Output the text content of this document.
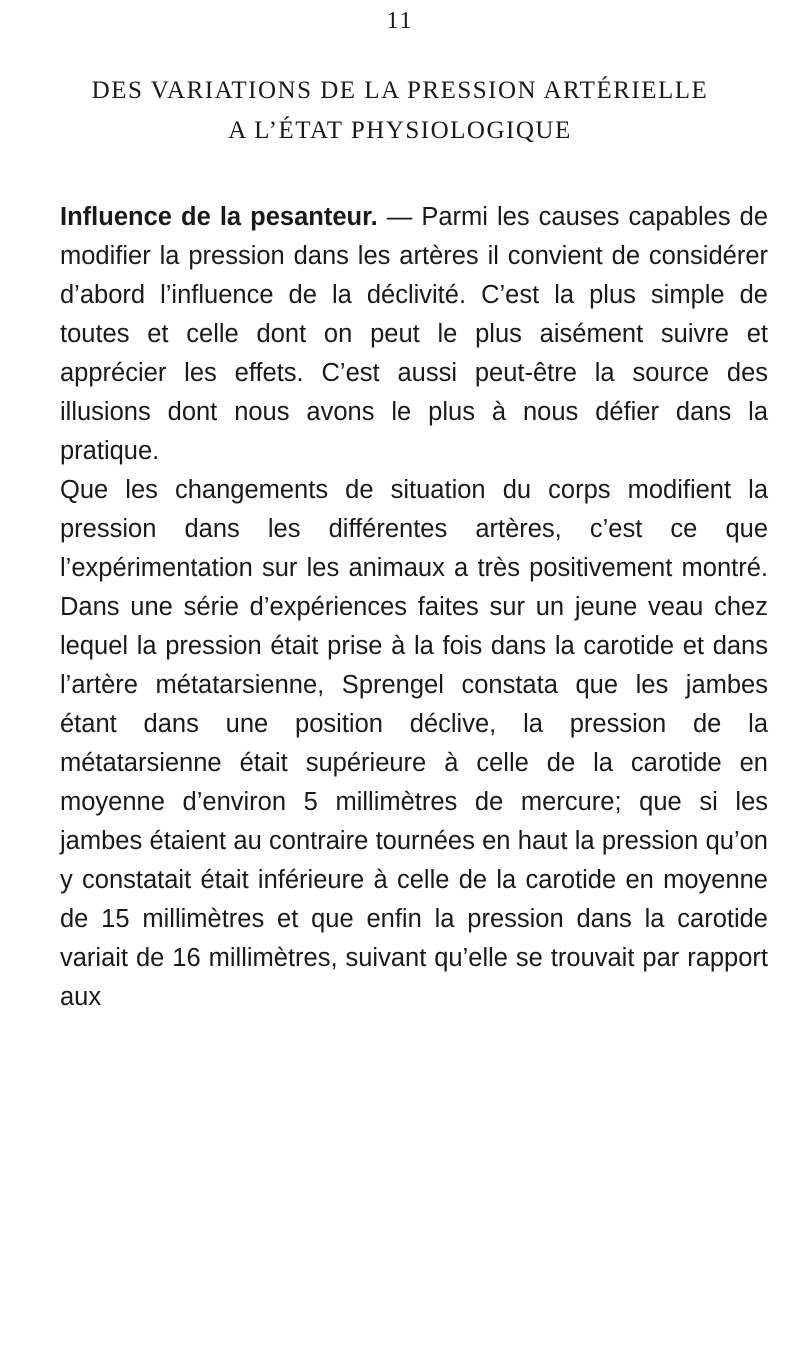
11
DES VARIATIONS DE LA PRESSION ARTÉRIELLE
A L’ÉTAT PHYSIOLOGIQUE

Influence de la pesanteur. — Parmi les causes capables de modifier la pression dans les artères il convient de considérer d’abord l’influence de la déclivité. C’est la plus simple de toutes et celle dont on peut le plus aisément suivre et apprécier les effets. C’est aussi peut-être la source des illusions dont nous avons le plus à nous défier dans la pratique.

Que les changements de situation du corps modifient la pression dans les différentes artères, c’est ce que l’expérimentation sur les animaux a très positivement montré. Dans une série d’expériences faites sur un jeune veau chez lequel la pression était prise à la fois dans la carotide et dans l’artère métatarsienne, Sprengel constata que les jambes étant dans une position déclive, la pression de la métatarsienne était supérieure à celle de la carotide en moyenne d’environ 5 millimètres de mercure; que si les jambes étaient au contraire tournées en haut la pression qu’on y constatait était inférieure à celle de la carotide en moyenne de 15 millimètres et que enfin la pression dans la carotide variait de 16 millimètres, suivant qu’elle se trouvait par rapport aux
